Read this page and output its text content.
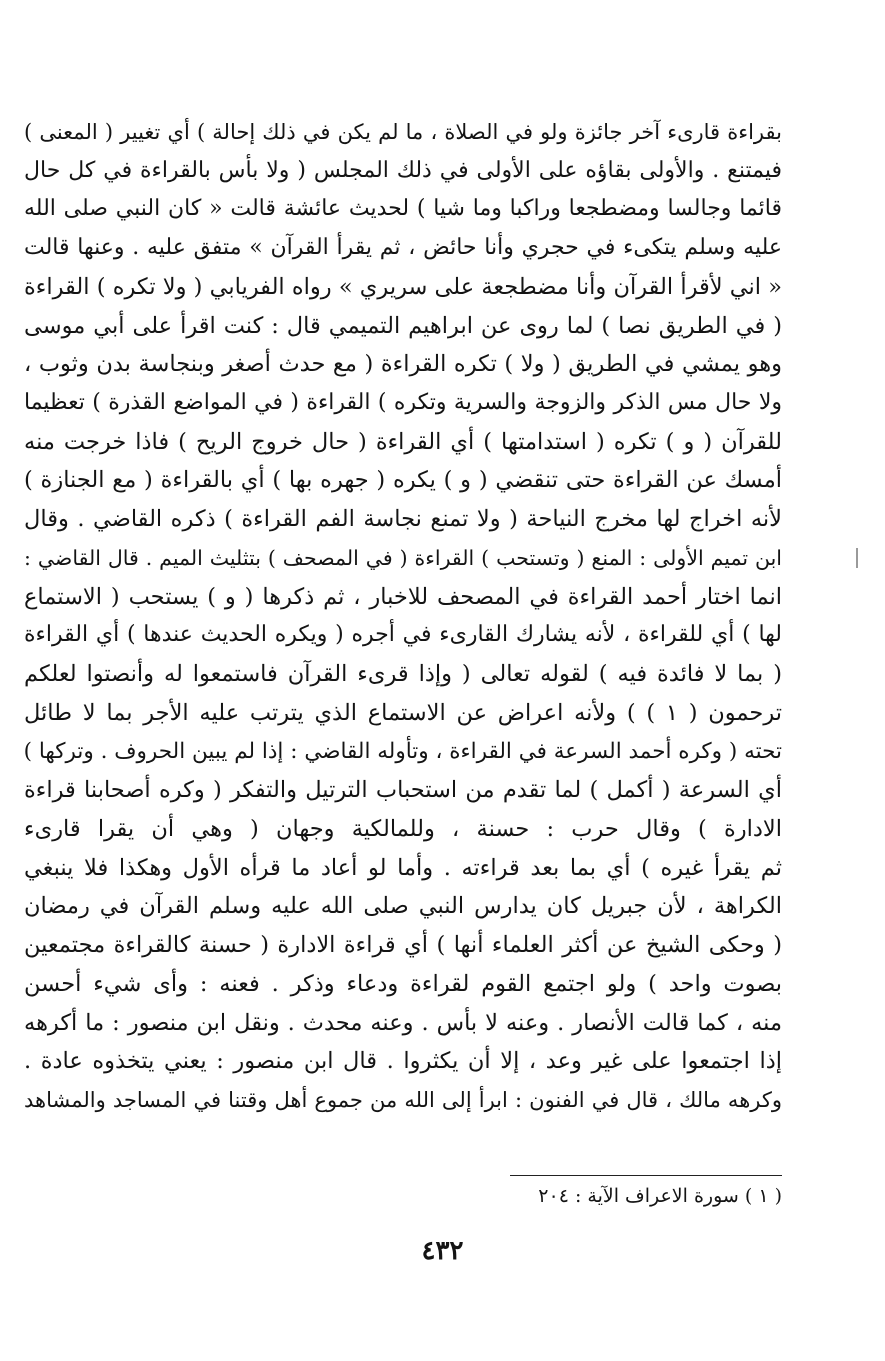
بقراءة قارىء آخر جائزة ولو في الصلاة ، ما لم يكن في ذلك إحالة ) أي تغيير ( المعنى )
فيمتنع . والأولى بقاؤه على الأولى في ذلك المجلس ( ولا بأس بالقراءة في كل حال
قائما وجالسا ومضطجعا وراكبا وما شيا ) لحديث عائشة قالت « كان النبي صلى الله
عليه وسلم يتكىء في حجري وأنا حائض ، ثم يقرأ القرآن » متفق عليه . وعنها قالت
« اني لأقرأ القرآن وأنا مضطجعة على سريري » رواه الفريابي ( ولا تكره ) القراءة
( في الطريق نصا ) لما روى عن ابراهيم التميمي قال : كنت اقرأ على أبي موسى
وهو يمشي في الطريق ( ولا ) تكره القراءة ( مع حدث أصغر وبنجاسة بدن وثوب ،
ولا حال مس الذكر والزوجة والسرية وتكره ) القراءة ( في المواضع القذرة ) تعظيما
للقرآن ( و ) تكره ( استدامتها ) أي القراءة ( حال خروج الريح ) فاذا خرجت منه
أمسك عن القراءة حتى تنقضي ( و ) يكره ( جهره بها ) أي بالقراءة ( مع الجنازة )
لأنه اخراج لها مخرج النياحة ( ولا تمنع نجاسة الفم القراءة ) ذكره القاضي . وقال
ابن تميم الأولى : المنع ( وتستحب ) القراءة ( في المصحف ) بتثليث الميم . قال القاضي :
انما اختار أحمد القراءة في المصحف للاخبار ، ثم ذكرها ( و ) يستحب ( الاستماع
لها ) أي للقراءة ، لأنه يشارك القارىء في أجره ( ويكره الحديث عندها ) أي القراءة
( بما لا فائدة فيه ) لقوله تعالى ( وإذا قرىء القرآن فاستمعوا له وأنصتوا لعلكم
ترحمون ( ١ ) ) ولأنه اعراض عن الاستماع الذي يترتب عليه الأجر بما لا طائل
تحته ( وكره أحمد السرعة في القراءة ، وتأوله القاضي : إذا لم يبين الحروف . وتركها )
أي السرعة ( أكمل ) لما تقدم من استحباب الترتيل والتفكر ( وكره أصحابنا قراءة
الادارة ) وقال حرب : حسنة ، وللمالكية وجهان ( وهي أن يقرا قارىء
ثم يقرأ غيره ) أي بما بعد قراءته . وأما لو أعاد ما قرأه الأول وهكذا فلا ينبغي
الكراهة ، لأن جبريل كان يدارس النبي صلى الله عليه وسلم القرآن في رمضان
( وحكى الشيخ عن أكثر العلماء أنها ) أي قراءة الادارة ( حسنة كالقراءة مجتمعين
بصوت واحد ) ولو اجتمع القوم لقراءة ودعاء وذكر . فعنه : وأى شيء أحسن
منه ، كما قالت الأنصار . وعنه لا بأس . وعنه محدث . ونقل ابن منصور : ما أكرهه
إذا اجتمعوا على غير وعد ، إلا أن يكثروا . قال ابن منصور : يعني يتخذوه عادة .
وكرهه مالك ، قال في الفنون : ابرأ إلى الله من جموع أهل وقتنا في المساجد والمشاهد
( ١ ) سورة الاعراف الآية : ٢٠٤
٤٣٢
